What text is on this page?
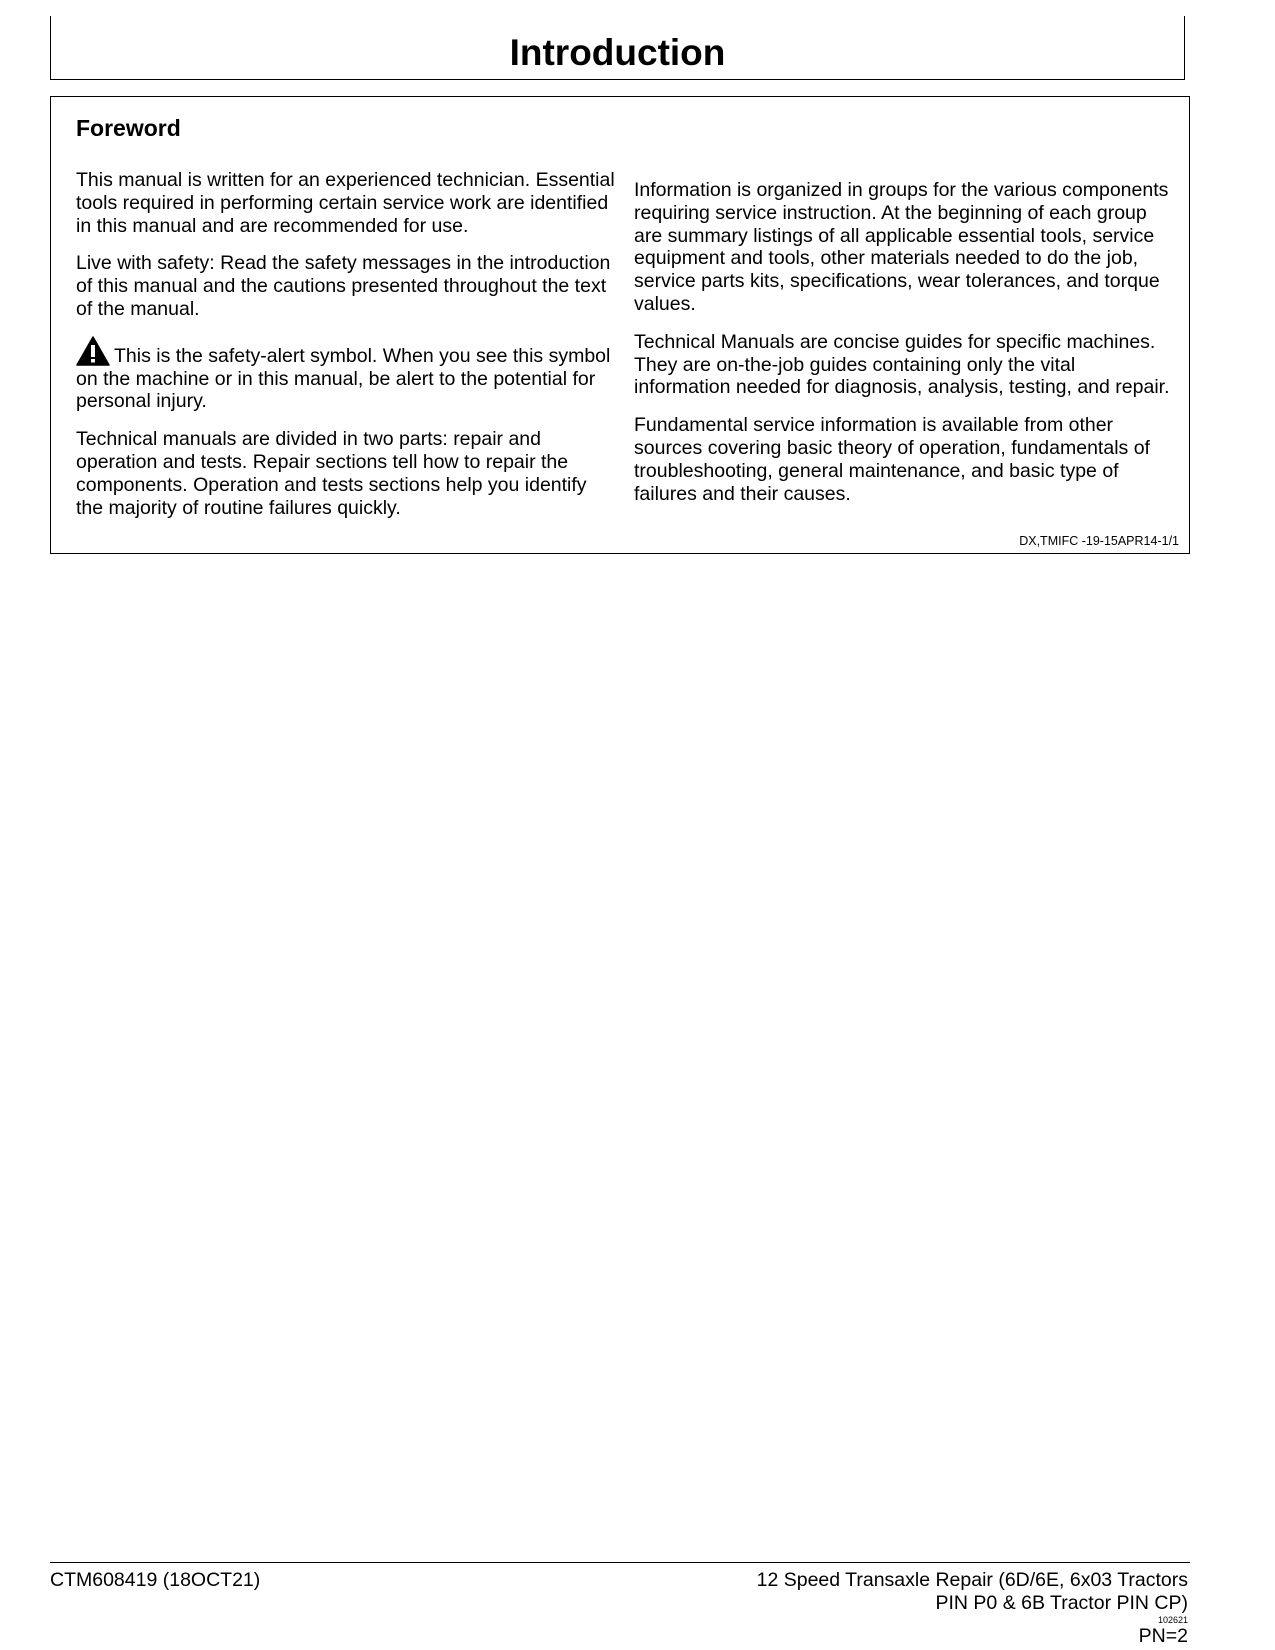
Introduction
Foreword

This manual is written for an experienced technician. Essential tools required in performing certain service work are identified in this manual and are recommended for use.

Live with safety: Read the safety messages in the introduction of this manual and the cautions presented throughout the text of the manual.

This is the safety-alert symbol. When you see this symbol on the machine or in this manual, be alert to the potential for personal injury.

Technical manuals are divided in two parts: repair and operation and tests. Repair sections tell how to repair the components. Operation and tests sections help you identify the majority of routine failures quickly.

Information is organized in groups for the various components requiring service instruction. At the beginning of each group are summary listings of all applicable essential tools, service equipment and tools, other materials needed to do the job, service parts kits, specifications, wear tolerances, and torque values.

Technical Manuals are concise guides for specific machines. They are on-the-job guides containing only the vital information needed for diagnosis, analysis, testing, and repair.

Fundamental service information is available from other sources covering basic theory of operation, fundamentals of troubleshooting, general maintenance, and basic type of failures and their causes.

DX,TMIFC -19-15APR14-1/1
CTM608419 (18OCT21)	12 Speed Transaxle Repair (6D/6E, 6x03 Tractors
PIN P0 & 6B Tractor PIN CP)
102621
PN=2
